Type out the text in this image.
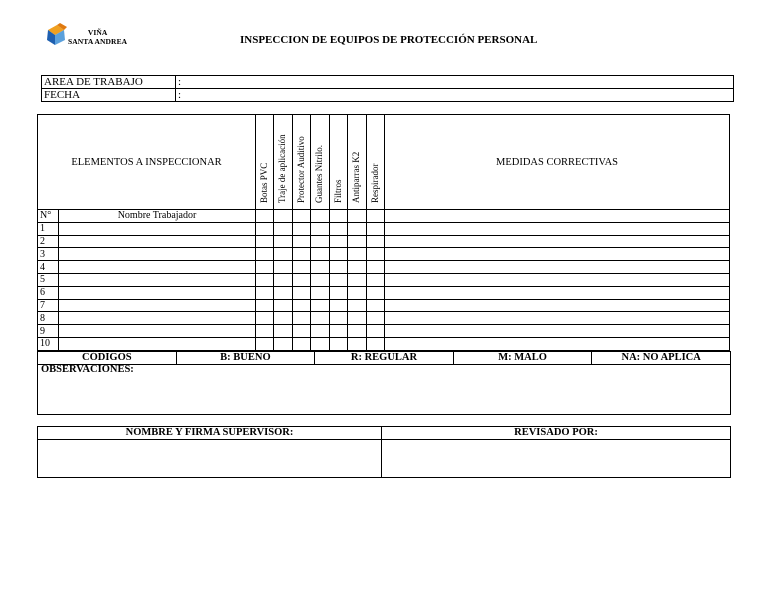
VIÑA
SANTA ANDREA	INSPECCION DE EQUIPOS DE PROTECCIÓN PERSONAL
AREA DE TRABAJO	:
FECHA	:
ELEMENTOS A INSPECCIONAR		Botas PVC	Traje de aplicación	Protector Auditivo	Guantes Nitrilo.	Filtros	Antiparras K2	Respirador	MEDIDAS CORRECTIVAS
N°	Nombre Trabajador								
1									
2									
3									
4									
5									
6									
7									
8									
9									
10									
CÓDIGOS	B: BUENO	R: REGULAR	M: MALO	NA: NO APLICA
OBSERVACIONES:
NOMBRE Y FIRMA SUPERVISOR:	REVISADO POR:
